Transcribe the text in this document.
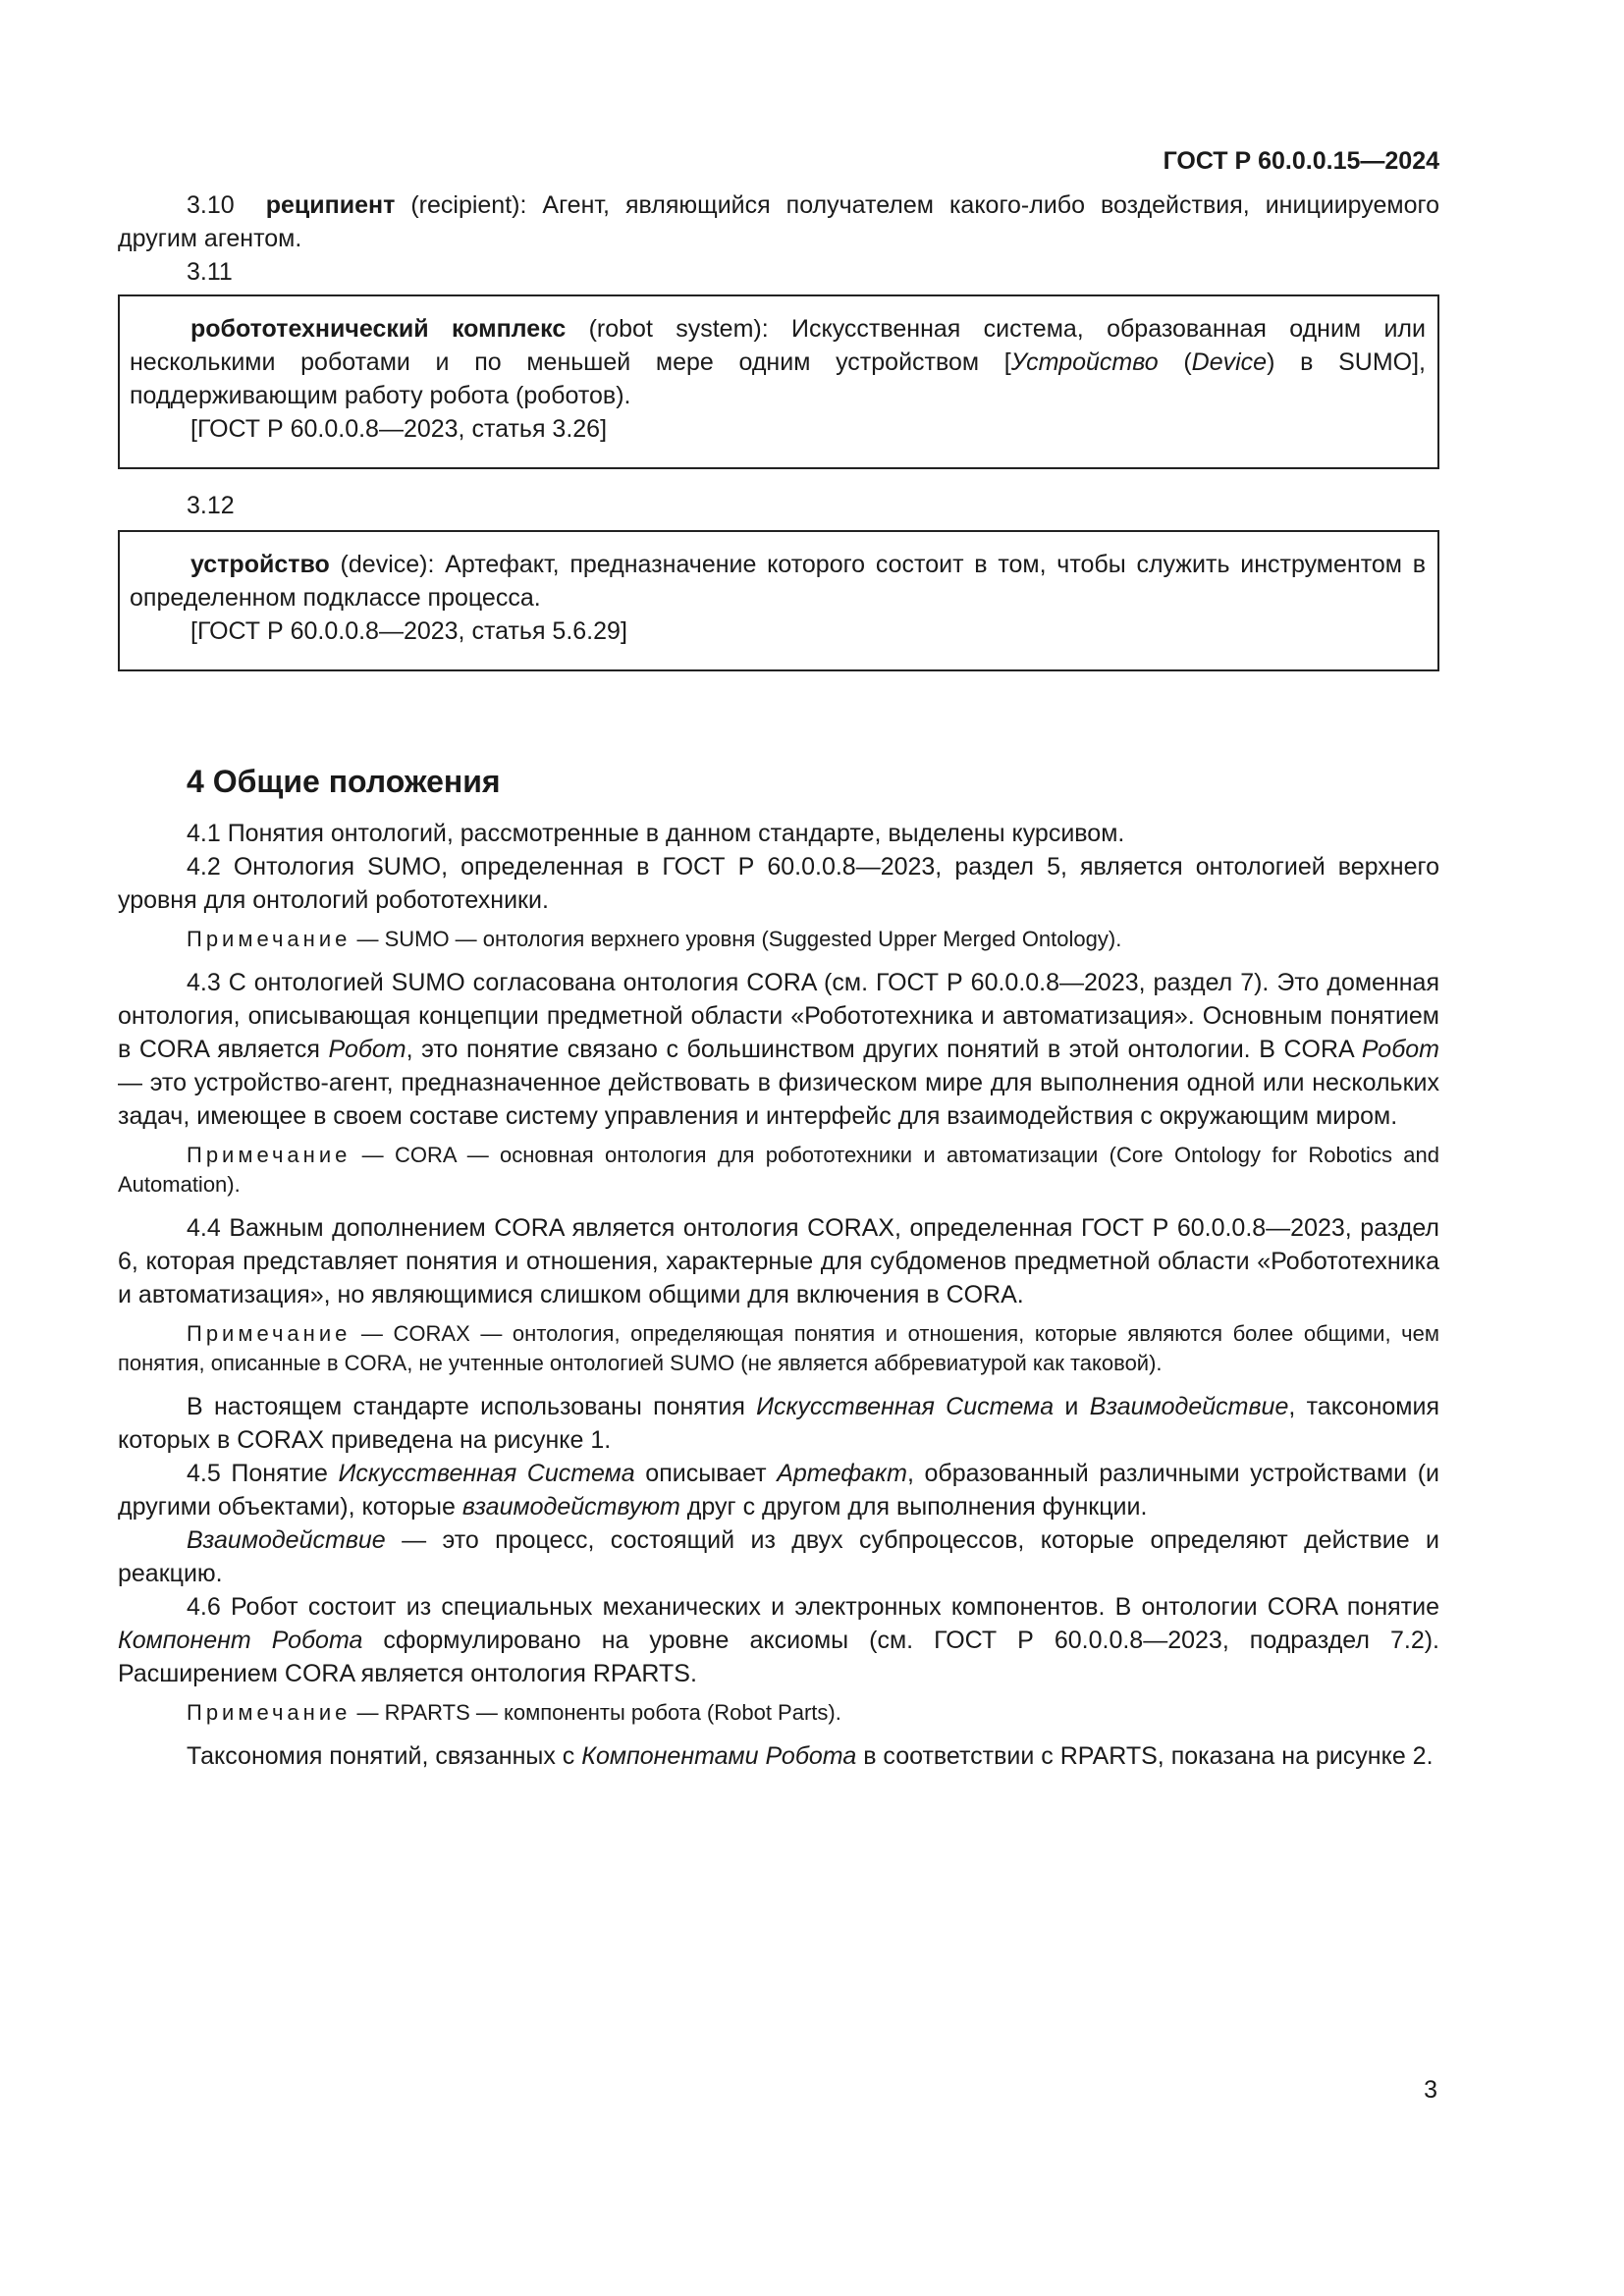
ГОСТ Р 60.0.0.15—2024

3.10 реципиент (recipient): Агент, являющийся получателем какого-либо воздействия, инициируемого другим агентом.

3.11

робототехнический комплекс (robot system): Искусственная система, образованная одним или несколькими роботами и по меньшей мере одним устройством [Устройство (Device) в SUMO], поддерживающим работу робота (роботов).

[ГОСТ Р 60.0.0.8—2023, статья 3.26]

3.12

устройство (device): Артефакт, предназначение которого состоит в том, чтобы служить инструментом в определенном подклассе процесса.

[ГОСТ Р 60.0.0.8—2023, статья 5.6.29]

4 Общие положения

4.1 Понятия онтологий, рассмотренные в данном стандарте, выделены курсивом.

4.2 Онтология SUMO, определенная в ГОСТ Р 60.0.0.8—2023, раздел 5, является онтологией верхнего уровня для онтологий робототехники.

Примечание — SUMO — онтология верхнего уровня (Suggested Upper Merged Ontology).

4.3 С онтологией SUMO согласована онтология CORA (см. ГОСТ Р 60.0.0.8—2023, раздел 7). Это доменная онтология, описывающая концепции предметной области «Робототехника и автоматизация». Основным понятием в CORA является Робот, это понятие связано с большинством других понятий в этой онтологии. В CORA Робот — это устройство-агент, предназначенное действовать в физическом мире для выполнения одной или нескольких задач, имеющее в своем составе систему управления и интерфейс для взаимодействия с окружающим миром.

Примечание — CORA — основная онтология для робототехники и автоматизации (Core Ontology for Robotics and Automation).

4.4 Важным дополнением CORA является онтология CORAX, определенная ГОСТ Р 60.0.0.8—2023, раздел 6, которая представляет понятия и отношения, характерные для субдоменов предметной области «Робототехника и автоматизация», но являющимися слишком общими для включения в CORA.

Примечание — CORAX — онтология, определяющая понятия и отношения, которые являются более общими, чем понятия, описанные в CORA, не учтенные онтологией SUMO (не является аббревиатурой как таковой).

В настоящем стандарте использованы понятия Искусственная Система и Взаимодействие, таксономия которых в CORAX приведена на рисунке 1.

4.5 Понятие Искусственная Система описывает Артефакт, образованный различными устройствами (и другими объектами), которые взаимодействуют друг с другом для выполнения функции.

Взаимодействие — это процесс, состоящий из двух субпроцессов, которые определяют действие и реакцию.

4.6 Робот состоит из специальных механических и электронных компонентов. В онтологии CORA понятие Компонент Робота сформулировано на уровне аксиомы (см. ГОСТ Р 60.0.0.8—2023, подраздел 7.2). Расширением CORA является онтология RPARTS.

Примечание — RPARTS — компоненты робота (Robot Parts).

Таксономия понятий, связанных с Компонентами Робота в соответствии с RPARTS, показана на рисунке 2.

3
